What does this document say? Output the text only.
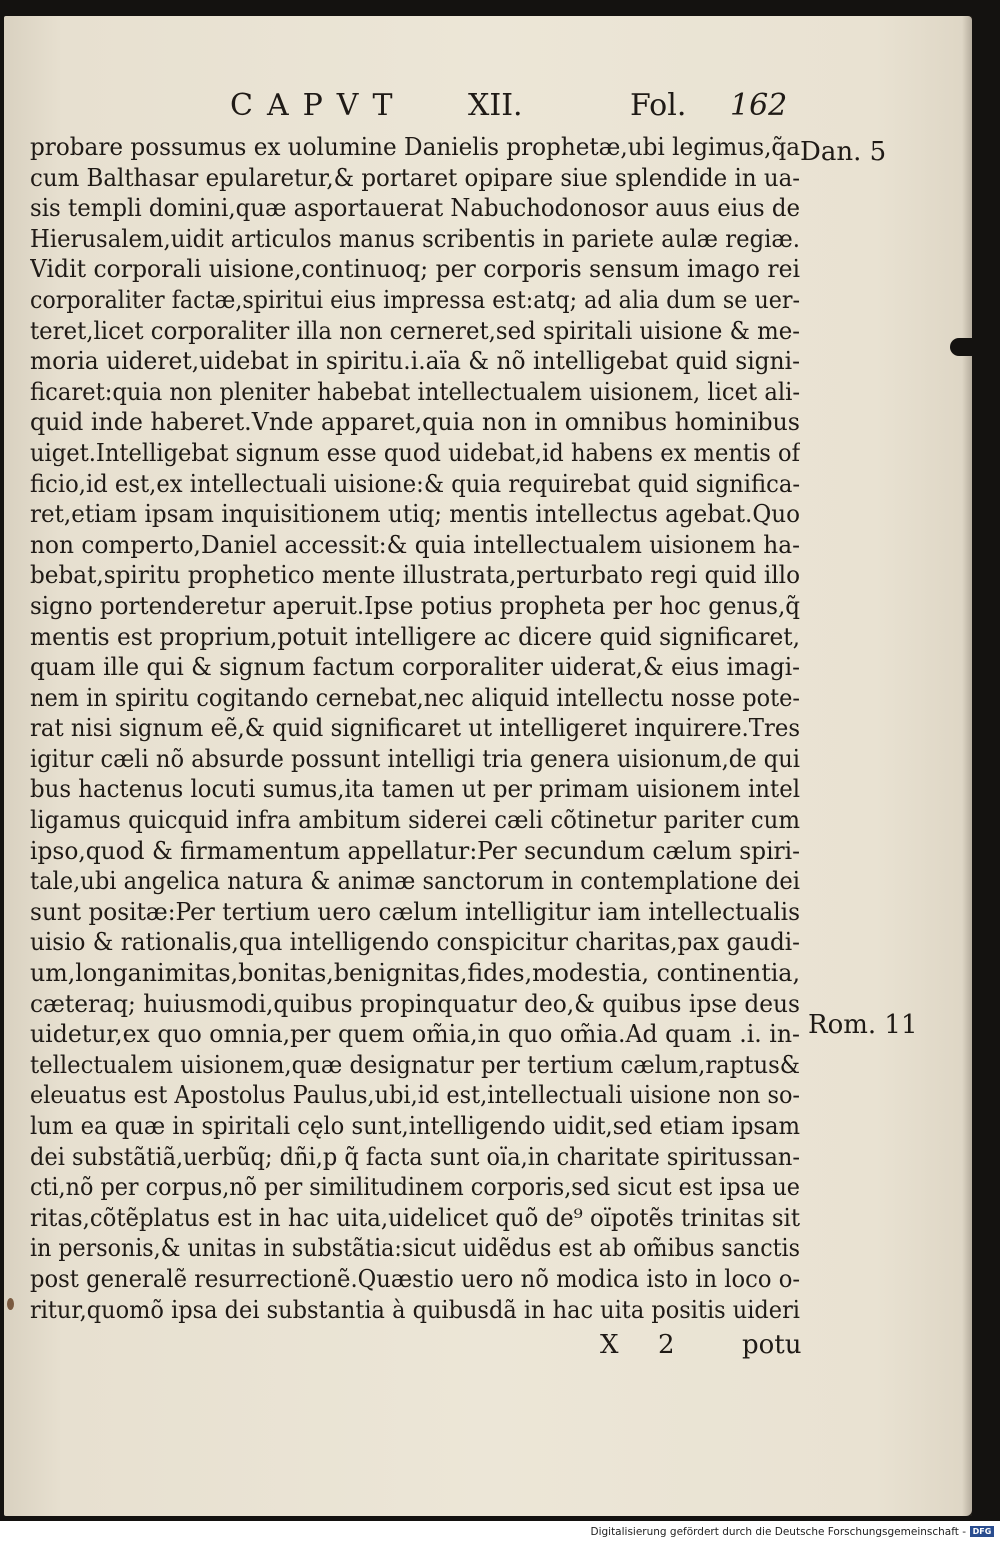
CAPVT XII.	Fol. 162
Dan. 5
Rom. 11
probare possumus ex uolumine Danielis prophetæ,ubi legimus,q̃a
cum Balthasar epularetur,& portaret opipare siue splendide in ua-
sis templi domini,quæ asportauerat Nabuchodonosor auus eius de
Hierusalem,uidit articulos manus scribentis in pariete aulæ regiæ.
Vidit corporali uisione,continuoq; per corporis sensum imago rei
corporaliter factæ,spiritui eius impressa est:atq; ad alia dum se uer-
teret,licet corporaliter illa non cerneret,sed spiritali uisione & me-
moria uideret,uidebat in spiritu.i.aïa & nõ intelligebat quid signi-
ficaret:quia non pleniter habebat intellectualem uisionem, licet ali-
quid inde haberet.Vnde apparet,quia non in omnibus hominibus
uiget.Intelligebat signum esse quod uidebat,id habens ex mentis of
ficio,id est,ex intellectuali uisione:& quia requirebat quid significa-
ret,etiam ipsam inquisitionem utiq; mentis intellectus agebat.Quo
non comperto,Daniel accessit:& quia intellectualem uisionem ha-
bebat,spiritu prophetico mente illustrata,perturbato regi quid illo
signo portenderetur aperuit.Ipse potius propheta per hoc genus,q̃
mentis est proprium,potuit intelligere ac dicere quid significaret,
quam ille qui & signum factum corporaliter uiderat,& eius imagi-
nem in spiritu cogitando cernebat,nec aliquid intellectu nosse pote-
rat nisi signum eẽ,& quid significaret ut intelligeret inquirere.Tres
igitur cæli nõ absurde possunt intelligi tria genera uisionum,de qui
bus hactenus locuti sumus,ita tamen ut per primam uisionem intel
ligamus quicquid infra ambitum siderei cæli cõtinetur pariter cum
ipso,quod & firmamentum appellatur:Per secundum cælum spiri-
tale,ubi angelica natura & animæ sanctorum in contemplatione dei
sunt positæ:Per tertium uero cælum intelligitur iam intellectualis
uisio & rationalis,qua intelligendo conspicitur charitas,pax gaudi-
um,longanimitas,bonitas,benignitas,fides,modestia, continentia,
cæteraq; huiusmodi,quibus propinquatur deo,& quibus ipse deus
uidetur,ex quo omnia,per quem om̃ia,in quo om̃ia.Ad quam .i. in-
tellectualem uisionem,quæ designatur per tertium cælum,raptus&
eleuatus est Apostolus Paulus,ubi,id est,intellectuali uisione non so-
lum ea quæ in spiritali cęlo sunt,intelligendo uidit,sed etiam ipsam
dei substãtiã,uerbũq; dñi,p q̃ facta sunt oïa,in charitate spiritussan-
cti,nõ per corpus,nõ per similitudinem corporis,sed sicut est ipsa ue
ritas,cõtẽplatus est in hac uita,uidelicet quõ de⁹ oïpotẽs trinitas sit
in personis,& unitas in substãtia:sicut uidẽdus est ab om̃ibus sanctis
post generalẽ resurrectionẽ.Quæstio uero nõ modica isto in loco o-
ritur,quomõ ipsa dei substantia à quibusdã in hac uita positis uideri
X 2	potu
Digitalisierung gefördert durch die Deutsche Forschungsgemeinschaft - DFG
